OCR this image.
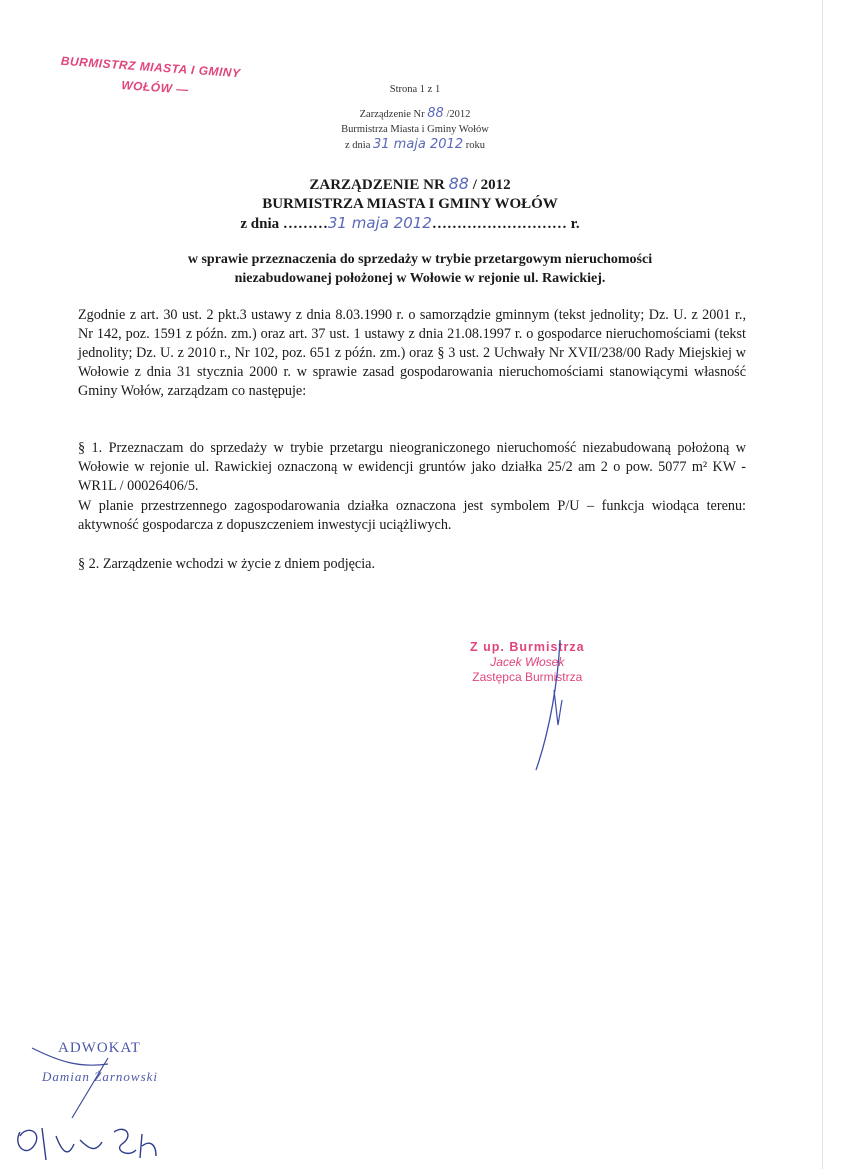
BURMISTRZ MIASTA I GMINY
WOŁÓW —	Strona 1 z 1
Zarządzenie Nr 88 /2012
Burmistrza Miasta i Gminy Wołów
z dnia 31 maja 2012 roku
ZARZĄDZENIE NR 88 / 2012
BURMISTRZA MIASTA I GMINY WOŁÓW
z dnia ………31 maja 2012……………………… r.
w sprawie przeznaczenia do sprzedaży w trybie przetargowym nieruchomości
niezabudowanej położonej w Wołowie w rejonie ul. Rawickiej.
Zgodnie z art. 30 ust. 2 pkt.3 ustawy z dnia 8.03.1990 r. o samorządzie gminnym (tekst jednolity; Dz. U. z 2001 r., Nr 142, poz. 1591 z późn. zm.) oraz art. 37 ust. 1 ustawy z dnia 21.08.1997 r. o gospodarce nieruchomościami (tekst jednolity; Dz. U. z 2010 r., Nr 102, poz. 651 z późn. zm.) oraz § 3 ust. 2 Uchwały Nr XVII/238/00 Rady Miejskiej w Wołowie z dnia 31 stycznia 2000 r. w sprawie zasad gospodarowania nieruchomościami stanowiącymi własność Gminy Wołów, zarządzam co następuje:
§ 1. Przeznaczam do sprzedaży w trybie przetargu nieograniczonego nieruchomość niezabudowaną położoną w Wołowie w rejonie ul. Rawickiej oznaczoną w ewidencji gruntów jako działka 25/2 am 2 o pow. 5077 m² KW - WR1L / 00026406/5.
W planie przestrzennego zagospodarowania działka oznaczona jest symbolem P/U – funkcja wiodąca terenu: aktywność gospodarcza z dopuszczeniem inwestycji uciążliwych.
§ 2. Zarządzenie wchodzi w życie z dniem podjęcia.
Z up. Burmistrza
Jacek Włosek
Zastępca Burmistrza
ADWOKAT
Damian Żarnowski
